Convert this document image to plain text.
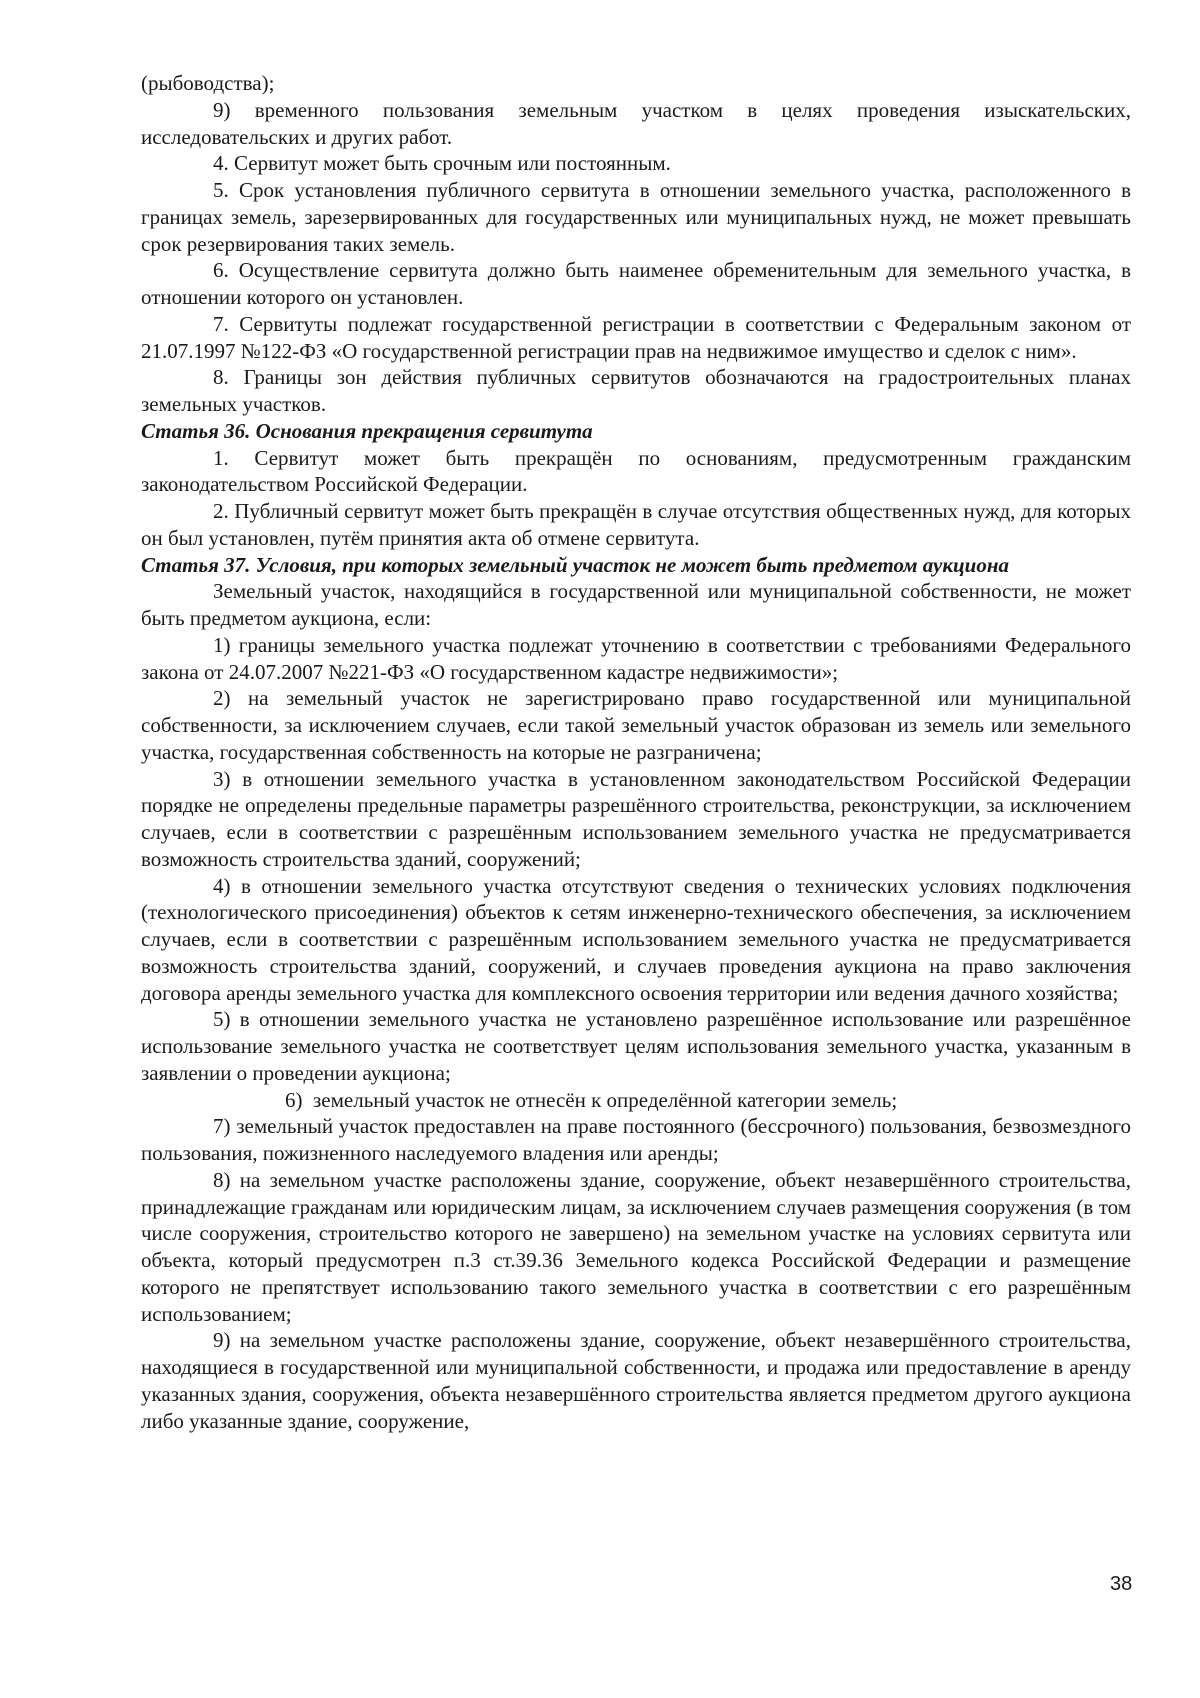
(рыбоводства);

9) временного пользования земельным участком в целях проведения изыскательских, исследовательских и других работ.

4. Сервитут может быть срочным или постоянным.

5. Срок установления публичного сервитута в отношении земельного участка, расположенного в границах земель, зарезервированных для государственных или муниципальных нужд, не может превышать срок резервирования таких земель.

6. Осуществление сервитута должно быть наименее обременительным для земельного участка, в отношении которого он установлен.

7. Сервитуты подлежат государственной регистрации в соответствии с Федеральным законом от 21.07.1997 №122-ФЗ «О государственной регистрации прав на недвижимое имущество и сделок с ним».

8. Границы зон действия публичных сервитутов обозначаются на градостроительных планах земельных участков.

Статья 36. Основания прекращения сервитута

1. Сервитут может быть прекращён по основаниям, предусмотренным гражданским законодательством Российской Федерации.

2. Публичный сервитут может быть прекращён в случае отсутствия общественных нужд, для которых он был установлен, путём принятия акта об отмене сервитута.

Статья 37. Условия, при которых земельный участок не может быть предметом аукциона

Земельный участок, находящийся в государственной или муниципальной собственности, не может быть предметом аукциона, если:

1) границы земельного участка подлежат уточнению в соответствии с требованиями Федерального закона от 24.07.2007 №221-ФЗ «О государственном кадастре недвижимости»;

2) на земельный участок не зарегистрировано право государственной или муниципальной собственности, за исключением случаев, если такой земельный участок образован из земель или земельного участка, государственная собственность на которые не разграничена;

3) в отношении земельного участка в установленном законодательством Российской Федерации порядке не определены предельные параметры разрешённого строительства, реконструкции, за исключением случаев, если в соответствии с разрешённым использованием земельного участка не предусматривается возможность строительства зданий, сооружений;

4) в отношении земельного участка отсутствуют сведения о технических условиях подключения (технологического присоединения) объектов к сетям инженерно-технического обеспечения, за исключением случаев, если в соответствии с разрешённым использованием земельного участка не предусматривается возможность строительства зданий, сооружений, и случаев проведения аукциона на право заключения договора аренды земельного участка для комплексного освоения территории или ведения дачного хозяйства;

5) в отношении земельного участка не установлено разрешённое использование или разрешённое использование земельного участка не соответствует целям использования земельного участка, указанным в заявлении о проведении аукциона;

6) земельный участок не отнесён к определённой категории земель;

7) земельный участок предоставлен на праве постоянного (бессрочного) пользования, безвозмездного пользования, пожизненного наследуемого владения или аренды;

8) на земельном участке расположены здание, сооружение, объект незавершённого строительства, принадлежащие гражданам или юридическим лицам, за исключением случаев размещения сооружения (в том числе сооружения, строительство которого не завершено) на земельном участке на условиях сервитута или объекта, который предусмотрен п.3 ст.39.36 Земельного кодекса Российской Федерации и размещение которого не препятствует использованию такого земельного участка в соответствии с его разрешённым использованием;

9) на земельном участке расположены здание, сооружение, объект незавершённого строительства, находящиеся в государственной или муниципальной собственности, и продажа или предоставление в аренду указанных здания, сооружения, объекта незавершённого строительства является предметом другого аукциона либо указанные здание, сооружение,

38
